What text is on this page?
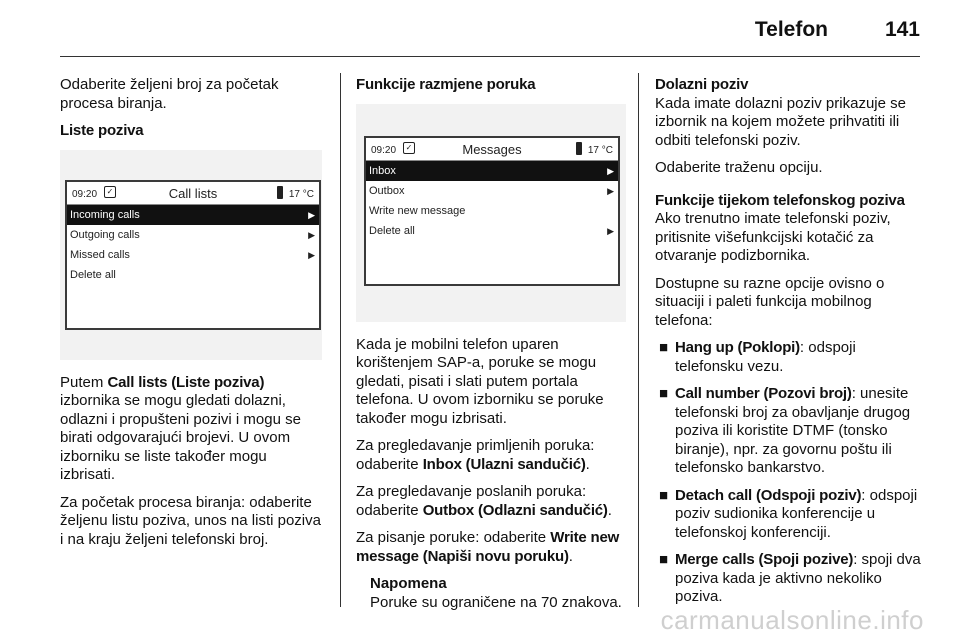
Telefon	141

Odaberite željeni broj za početak procesa biranja.

Liste poziva
09:20	✓	Call lists	17 °C
Incoming calls	▶
Outgoing calls	▶
Missed calls	▶
Delete all

Putem Call lists (Liste poziva) izbornika se mogu gledati dolazni, odlazni i propušteni pozivi i mogu se birati odgovarajući brojevi. U ovom izborniku se liste također mogu izbrisati.

Za početak procesa biranja: odaberite željenu listu poziva, unos na listi poziva i na kraju željeni telefonski broj.

Funkcije razmjene poruka
09:20	✓	Messages	17 °C
Inbox	▶
Outbox	▶
Write new message
Delete all	▶

Kada je mobilni telefon uparen korištenjem SAP-a, poruke se mogu gledati, pisati i slati putem portala telefona. U ovom izborniku se poruke također mogu izbrisati.

Za pregledavanje primljenih poruka: odaberite Inbox (Ulazni sandučić).

Za pregledavanje poslanih poruka: odaberite Outbox (Odlazni sandučić).

Za pisanje poruke: odaberite Write new message (Napiši novu poruku).

Napomena
Poruke su ograničene na 70 znakova.
Dolazni poziv

Kada imate dolazni poziv prikazuje se izbornik na kojem možete prihvatiti ili odbiti telefonski poziv.

Odaberite traženu opciju.

Funkcije tijekom telefonskog poziva

Ako trenutno imate telefonski poziv, pritisnite višefunkcijski kotačić za otvaranje podizbornika.

Dostupne su razne opcije ovisno o situaciji i paleti funkcija mobilnog telefona:

■ Hang up (Poklopi): odspoji telefonsku vezu.
■ Call number (Pozovi broj): unesite telefonski broj za obavljanje drugog poziva ili koristite DTMF (tonsko biranje), npr. za govornu poštu ili telefonsko bankarstvo.
■ Detach call (Odspoji poziv): odspoji poziv sudionika konferencije u telefonskoj konferenciji.
■ Merge calls (Spoji pozive): spoji dva poziva kada je aktivno nekoliko poziva.
carmanualsonline.info
